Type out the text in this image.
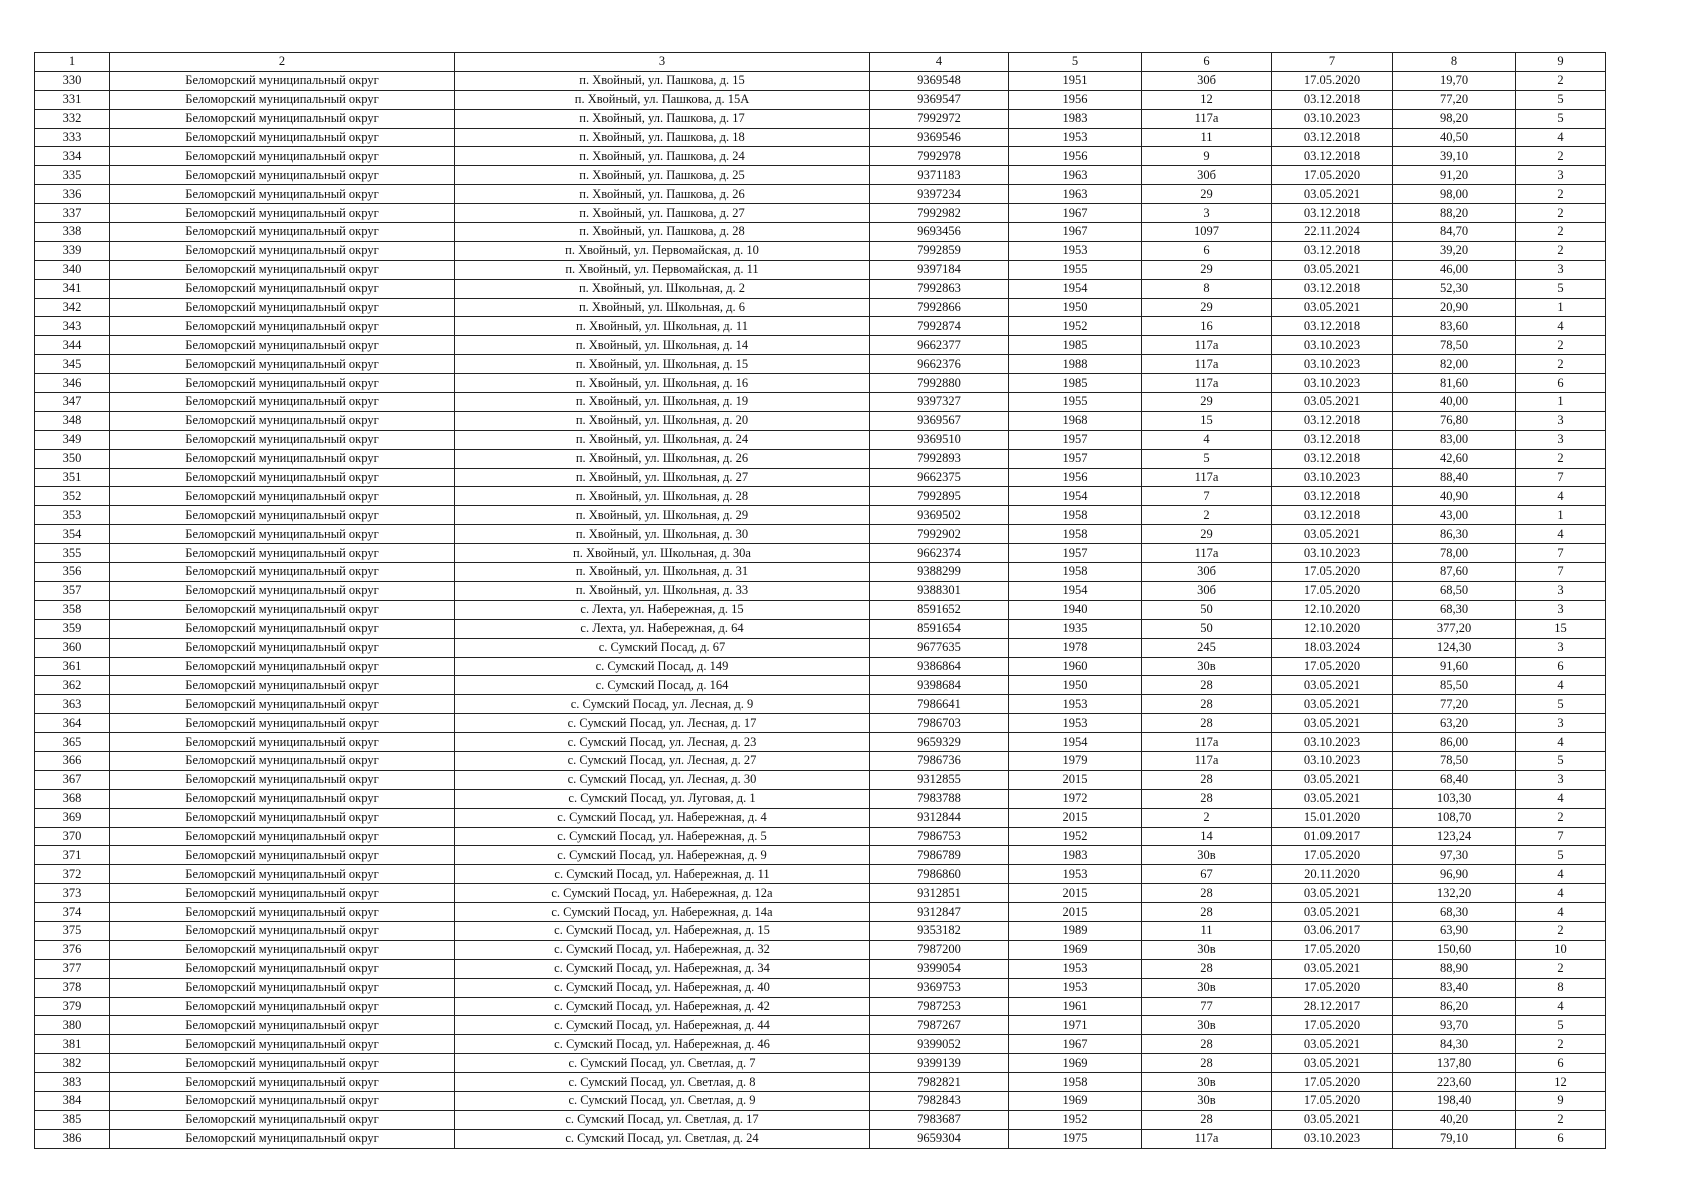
1	2	3	4	5	6	7	8	9
330	Беломорский муниципальный округ	п. Хвойный, ул. Пашкова, д. 15	9369548	1951	30б	17.05.2020	19,70	2
331	Беломорский муниципальный округ	п. Хвойный, ул. Пашкова, д. 15А	9369547	1956	12	03.12.2018	77,20	5
332	Беломорский муниципальный округ	п. Хвойный, ул. Пашкова, д. 17	7992972	1983	117а	03.10.2023	98,20	5
333	Беломорский муниципальный округ	п. Хвойный, ул. Пашкова, д. 18	9369546	1953	11	03.12.2018	40,50	4
334	Беломорский муниципальный округ	п. Хвойный, ул. Пашкова, д. 24	7992978	1956	9	03.12.2018	39,10	2
335	Беломорский муниципальный округ	п. Хвойный, ул. Пашкова, д. 25	9371183	1963	30б	17.05.2020	91,20	3
336	Беломорский муниципальный округ	п. Хвойный, ул. Пашкова, д. 26	9397234	1963	29	03.05.2021	98,00	2
337	Беломорский муниципальный округ	п. Хвойный, ул. Пашкова, д. 27	7992982	1967	3	03.12.2018	88,20	2
338	Беломорский муниципальный округ	п. Хвойный, ул. Пашкова, д. 28	9693456	1967	1097	22.11.2024	84,70	2
339	Беломорский муниципальный округ	п. Хвойный, ул. Первомайская, д. 10	7992859	1953	6	03.12.2018	39,20	2
340	Беломорский муниципальный округ	п. Хвойный, ул. Первомайская, д. 11	9397184	1955	29	03.05.2021	46,00	3
341	Беломорский муниципальный округ	п. Хвойный, ул. Школьная, д. 2	7992863	1954	8	03.12.2018	52,30	5
342	Беломорский муниципальный округ	п. Хвойный, ул. Школьная, д. 6	7992866	1950	29	03.05.2021	20,90	1
343	Беломорский муниципальный округ	п. Хвойный, ул. Школьная, д. 11	7992874	1952	16	03.12.2018	83,60	4
344	Беломорский муниципальный округ	п. Хвойный, ул. Школьная, д. 14	9662377	1985	117а	03.10.2023	78,50	2
345	Беломорский муниципальный округ	п. Хвойный, ул. Школьная, д. 15	9662376	1988	117а	03.10.2023	82,00	2
346	Беломорский муниципальный округ	п. Хвойный, ул. Школьная, д. 16	7992880	1985	117а	03.10.2023	81,60	6
347	Беломорский муниципальный округ	п. Хвойный, ул. Школьная, д. 19	9397327	1955	29	03.05.2021	40,00	1
348	Беломорский муниципальный округ	п. Хвойный, ул. Школьная, д. 20	9369567	1968	15	03.12.2018	76,80	3
349	Беломорский муниципальный округ	п. Хвойный, ул. Школьная, д. 24	9369510	1957	4	03.12.2018	83,00	3
350	Беломорский муниципальный округ	п. Хвойный, ул. Школьная, д. 26	7992893	1957	5	03.12.2018	42,60	2
351	Беломорский муниципальный округ	п. Хвойный, ул. Школьная, д. 27	9662375	1956	117а	03.10.2023	88,40	7
352	Беломорский муниципальный округ	п. Хвойный, ул. Школьная, д. 28	7992895	1954	7	03.12.2018	40,90	4
353	Беломорский муниципальный округ	п. Хвойный, ул. Школьная, д. 29	9369502	1958	2	03.12.2018	43,00	1
354	Беломорский муниципальный округ	п. Хвойный, ул. Школьная, д. 30	7992902	1958	29	03.05.2021	86,30	4
355	Беломорский муниципальный округ	п. Хвойный, ул. Школьная, д. 30а	9662374	1957	117а	03.10.2023	78,00	7
356	Беломорский муниципальный округ	п. Хвойный, ул. Школьная, д. 31	9388299	1958	30б	17.05.2020	87,60	7
357	Беломорский муниципальный округ	п. Хвойный, ул. Школьная, д. 33	9388301	1954	30б	17.05.2020	68,50	3
358	Беломорский муниципальный округ	с. Лехта, ул. Набережная, д. 15	8591652	1940	50	12.10.2020	68,30	3
359	Беломорский муниципальный округ	с. Лехта, ул. Набережная, д. 64	8591654	1935	50	12.10.2020	377,20	15
360	Беломорский муниципальный округ	с. Сумский Посад, д. 67	9677635	1978	245	18.03.2024	124,30	3
361	Беломорский муниципальный округ	с. Сумский Посад, д. 149	9386864	1960	30в	17.05.2020	91,60	6
362	Беломорский муниципальный округ	с. Сумский Посад, д. 164	9398684	1950	28	03.05.2021	85,50	4
363	Беломорский муниципальный округ	с. Сумский Посад, ул. Лесная, д. 9	7986641	1953	28	03.05.2021	77,20	5
364	Беломорский муниципальный округ	с. Сумский Посад, ул. Лесная, д. 17	7986703	1953	28	03.05.2021	63,20	3
365	Беломорский муниципальный округ	с. Сумский Посад, ул. Лесная, д. 23	9659329	1954	117а	03.10.2023	86,00	4
366	Беломорский муниципальный округ	с. Сумский Посад, ул. Лесная, д. 27	7986736	1979	117а	03.10.2023	78,50	5
367	Беломорский муниципальный округ	с. Сумский Посад, ул. Лесная, д. 30	9312855	2015	28	03.05.2021	68,40	3
368	Беломорский муниципальный округ	с. Сумский Посад, ул. Луговая, д. 1	7983788	1972	28	03.05.2021	103,30	4
369	Беломорский муниципальный округ	с. Сумский Посад, ул. Набережная, д. 4	9312844	2015	2	15.01.2020	108,70	2
370	Беломорский муниципальный округ	с. Сумский Посад, ул. Набережная, д. 5	7986753	1952	14	01.09.2017	123,24	7
371	Беломорский муниципальный округ	с. Сумский Посад, ул. Набережная, д. 9	7986789	1983	30в	17.05.2020	97,30	5
372	Беломорский муниципальный округ	с. Сумский Посад, ул. Набережная, д. 11	7986860	1953	67	20.11.2020	96,90	4
373	Беломорский муниципальный округ	с. Сумский Посад, ул. Набережная, д. 12а	9312851	2015	28	03.05.2021	132,20	4
374	Беломорский муниципальный округ	с. Сумский Посад, ул. Набережная, д. 14а	9312847	2015	28	03.05.2021	68,30	4
375	Беломорский муниципальный округ	с. Сумский Посад, ул. Набережная, д. 15	9353182	1989	11	03.06.2017	63,90	2
376	Беломорский муниципальный округ	с. Сумский Посад, ул. Набережная, д. 32	7987200	1969	30в	17.05.2020	150,60	10
377	Беломорский муниципальный округ	с. Сумский Посад, ул. Набережная, д. 34	9399054	1953	28	03.05.2021	88,90	2
378	Беломорский муниципальный округ	с. Сумский Посад, ул. Набережная, д. 40	9369753	1953	30в	17.05.2020	83,40	8
379	Беломорский муниципальный округ	с. Сумский Посад, ул. Набережная, д. 42	7987253	1961	77	28.12.2017	86,20	4
380	Беломорский муниципальный округ	с. Сумский Посад, ул. Набережная, д. 44	7987267	1971	30в	17.05.2020	93,70	5
381	Беломорский муниципальный округ	с. Сумский Посад, ул. Набережная, д. 46	9399052	1967	28	03.05.2021	84,30	2
382	Беломорский муниципальный округ	с. Сумский Посад, ул. Светлая, д. 7	9399139	1969	28	03.05.2021	137,80	6
383	Беломорский муниципальный округ	с. Сумский Посад, ул. Светлая, д. 8	7982821	1958	30в	17.05.2020	223,60	12
384	Беломорский муниципальный округ	с. Сумский Посад, ул. Светлая, д. 9	7982843	1969	30в	17.05.2020	198,40	9
385	Беломорский муниципальный округ	с. Сумский Посад, ул. Светлая, д. 17	7983687	1952	28	03.05.2021	40,20	2
386	Беломорский муниципальный округ	с. Сумский Посад, ул. Светлая, д. 24	9659304	1975	117а	03.10.2023	79,10	6
